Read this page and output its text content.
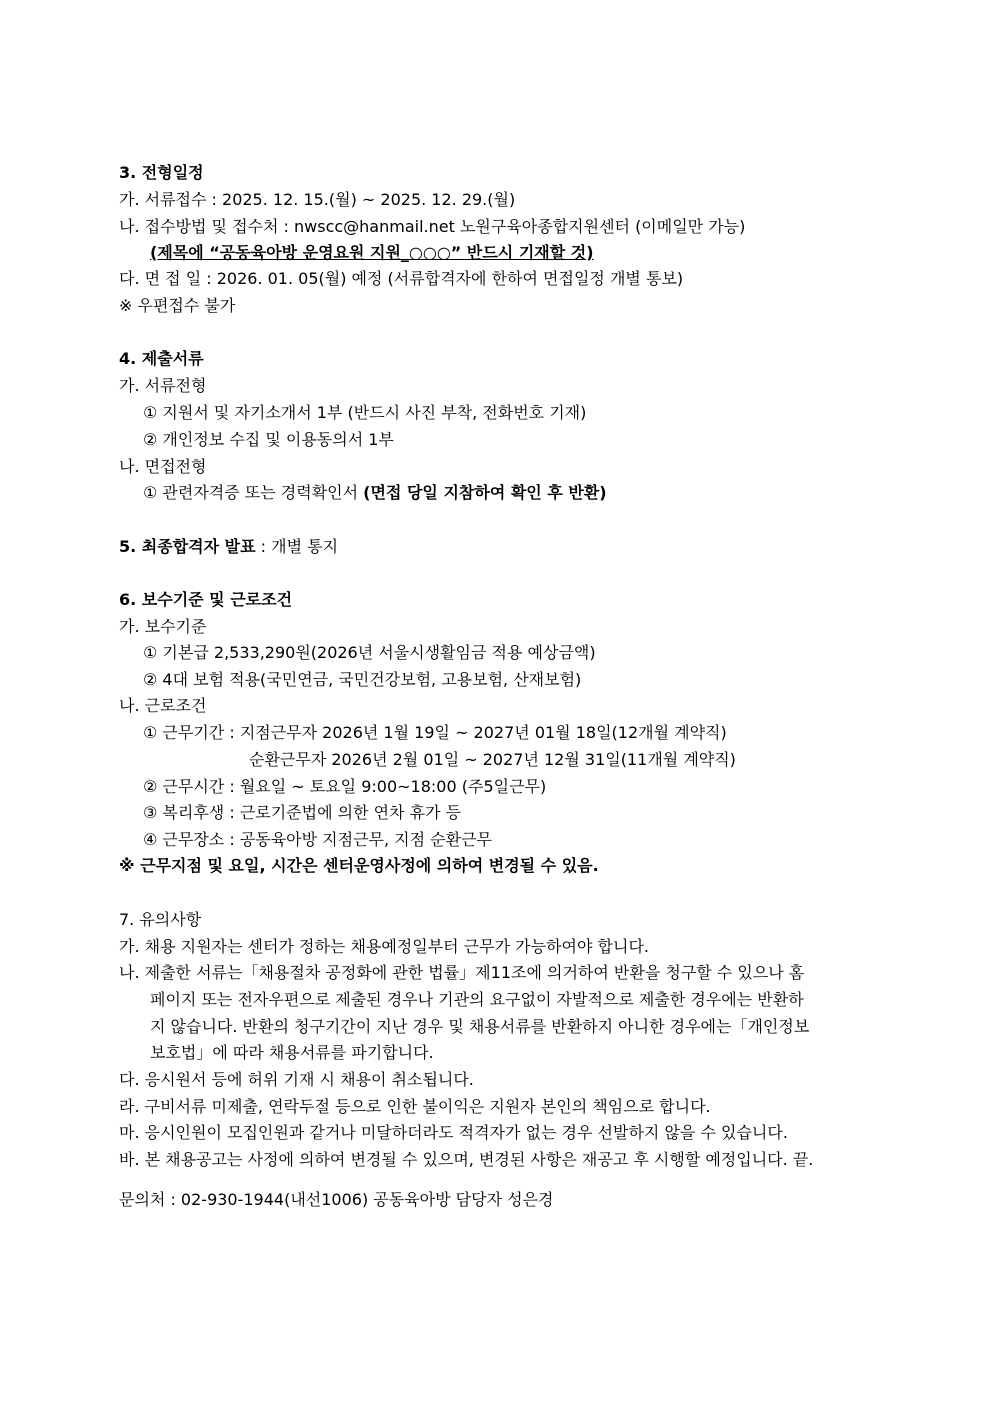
3. 전형일정
가. 서류접수 : 2025. 12. 15.(월) ~ 2025. 12. 29.(월)
나. 접수방법 및 접수처 : nwscc@hanmail.net 노원구육아종합지원센터 (이메일만 가능)
(제목에 “공동육아방 운영요원 지원_○○○” 반드시 기재할 것)
다. 면 접 일 : 2026. 01. 05(월) 예정 (서류합격자에 한하여 면접일정 개별 통보)
※ 우편접수 불가
4. 제출서류
가. 서류전형
① 지원서 및 자기소개서 1부 (반드시 사진 부착, 전화번호 기재)
② 개인정보 수집 및 이용동의서 1부
나. 면접전형
① 관련자격증 또는 경력확인서 (면접 당일 지참하여 확인 후 반환)
5. 최종합격자 발표 : 개별 통지
6. 보수기준 및 근로조건
가. 보수기준
① 기본급 2,533,290원(2026년 서울시생활임금 적용 예상금액)
② 4대 보험 적용(국민연금, 국민건강보험, 고용보험, 산재보험)
나. 근로조건
① 근무기간 : 지점근무자 2026년 1월 19일 ~ 2027년 01월 18일(12개월 계약직)
순환근무자 2026년 2월 01일 ~ 2027년 12월 31일(11개월 계약직)
② 근무시간 : 월요일 ~ 토요일 9:00~18:00 (주5일근무)
③ 복리후생 : 근로기준법에 의한 연차 휴가 등
④ 근무장소 : 공동육아방 지점근무, 지점 순환근무
※ 근무지점 및 요일, 시간은 센터운영사정에 의하여 변경될 수 있음.
7. 유의사항
가. 채용 지원자는 센터가 정하는 채용예정일부터 근무가 가능하여야 합니다.
나. 제출한 서류는「채용절차 공정화에 관한 법률」제11조에 의거하여 반환을 청구할 수 있으나 홈
페이지 또는 전자우편으로 제출된 경우나 기관의 요구없이 자발적으로 제출한 경우에는 반환하
지 않습니다. 반환의 청구기간이 지난 경우 및 채용서류를 반환하지 아니한 경우에는「개인정보
보호법」에 따라 채용서류를 파기합니다.
다. 응시원서 등에 허위 기재 시 채용이 취소됩니다.
라. 구비서류 미제출, 연락두절 등으로 인한 불이익은 지원자 본인의 책임으로 합니다.
마. 응시인원이 모집인원과 같거나 미달하더라도 적격자가 없는 경우 선발하지 않을 수 있습니다.
바. 본 채용공고는 사정에 의하여 변경될 수 있으며, 변경된 사항은 재공고 후 시행할 예정입니다. 끝.
문의처 : 02-930-1944(내선1006) 공동육아방 담당자 성은경
